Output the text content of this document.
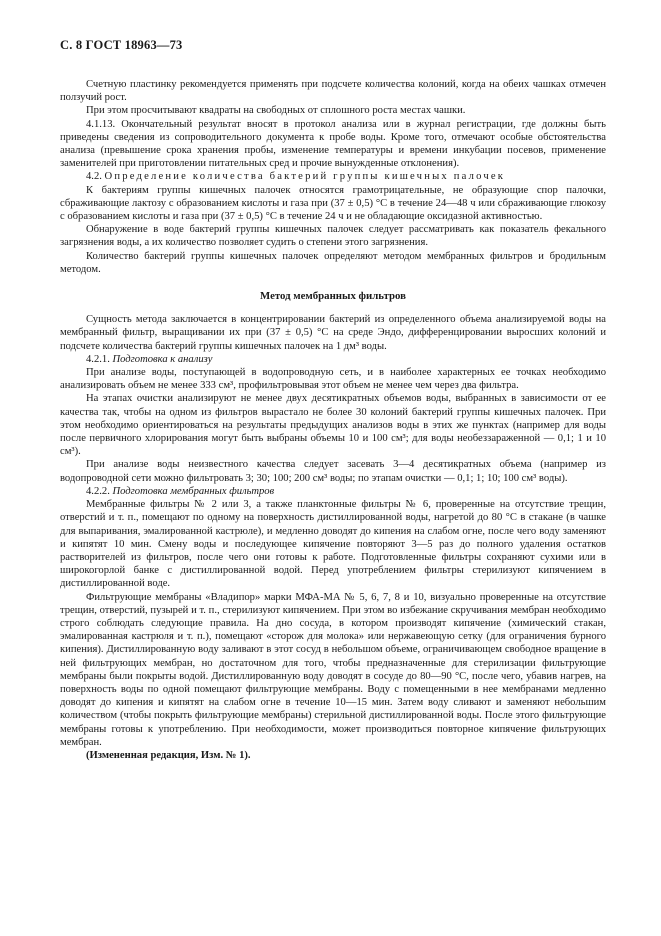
С. 8 ГОСТ 18963—73

Счетную пластинку рекомендуется применять при подсчете количества колоний, когда на обеих чашках отмечен ползучий рост.

При этом просчитывают квадраты на свободных от сплошного роста местах чашки.

4.1.13. Окончательный результат вносят в протокол анализа или в журнал регистрации, где должны быть приведены сведения из сопроводительного документа к пробе воды. Кроме того, отмечают особые обстоятельства анализа (превышение срока хранения пробы, изменение температуры и времени инкубации посевов, применение заменителей при приготовлении питательных сред и прочие вынужденные отклонения).

4.2. Определение количества бактерий группы кишечных палочек

К бактериям группы кишечных палочек относятся грамотрицательные, не образующие спор палочки, сбраживающие лактозу с образованием кислоты и газа при (37 ± 0,5) °С в течение 24—48 ч или сбраживающие глюкозу с образованием кислоты и газа при (37 ± 0,5) °С в течение 24 ч и не обладающие оксидазной активностью.

Обнаружение в воде бактерий группы кишечных палочек следует рассматривать как показатель фекального загрязнения воды, а их количество позволяет судить о степени этого загрязнения.

Количество бактерий группы кишечных палочек определяют методом мембранных фильтров и бродильным методом.

Метод мембранных фильтров

Сущность метода заключается в концентрировании бактерий из определенного объема анализируемой воды на мембранный фильтр, выращивании их при (37 ± 0,5) °С на среде Эндо, дифференцировании выросших колоний и подсчете количества бактерий группы кишечных палочек на 1 дм³ воды.

4.2.1. Подготовка к анализу

При анализе воды, поступающей в водопроводную сеть, и в наиболее характерных ее точках необходимо анализировать объем не менее 333 см³, профильтровывая этот объем не менее чем через два фильтра.

На этапах очистки анализируют не менее двух десятикратных объемов воды, выбранных в зависимости от ее качества так, чтобы на одном из фильтров вырастало не более 30 колоний бактерий группы кишечных палочек. При этом необходимо ориентироваться на результаты предыдущих анализов воды в этих же пунктах (например для воды после первичного хлорирования могут быть выбраны объемы 10 и 100 см³; для воды необеззараженной — 0,1; 1 и 10 см³).

При анализе воды неизвестного качества следует засевать 3—4 десятикратных объема (например из водопроводной сети можно фильтровать 3; 30; 100; 200 см³ воды; по этапам очистки — 0,1; 1; 10; 100 см³ воды).

4.2.2. Подготовка мембранных фильтров

Мембранные фильтры № 2 или 3, а также планктонные фильтры № 6, проверенные на отсутствие трещин, отверстий и т. п., помещают по одному на поверхность дистиллированной воды, нагретой до 80 °С в стакане (в чашке для выпаривания, эмалированной кастрюле), и медленно доводят до кипения на слабом огне, после чего воду заменяют и кипятят 10 мин. Смену воды и последующее кипячение повторяют 3—5 раз до полного удаления остатков растворителей из фильтров, после чего они готовы к работе. Подготовленные фильтры сохраняют сухими или в широкогорлой банке с дистиллированной водой. Перед употреблением фильтры стерилизуют кипячением в дистиллированной воде.

Фильтрующие мембраны «Владипор» марки МФА-МА № 5, 6, 7, 8 и 10, визуально проверенные на отсутствие трещин, отверстий, пузырей и т. п., стерилизуют кипячением. При этом во избежание скручивания мембран необходимо строго соблюдать следующие правила. На дно сосуда, в котором производят кипячение (химический стакан, эмалированная кастрюля и т. п.), помещают «сторож для молока» или нержавеющую сетку (для ограничения бурного кипения). Дистиллированную воду заливают в этот сосуд в небольшом объеме, ограничивающем свободное вращение в ней фильтрующих мембран, но достаточном для того, чтобы предназначенные для стерилизации фильтрующие мембраны были покрыты водой. Дистиллированную воду доводят в сосуде до 80—90 °С, после чего, убавив нагрев, на поверхность воды по одной помещают фильтрующие мембраны. Воду с помещенными в нее мембранами медленно доводят до кипения и кипятят на слабом огне в течение 10—15 мин. Затем воду сливают и заменяют небольшим количеством (чтобы покрыть фильтрующие мембраны) стерильной дистиллированной воды. После этого фильтрующие мембраны готовы к употреблению. При необходимости, может производиться повторное кипячение фильтрующих мембран.

(Измененная редакция, Изм. № 1).
